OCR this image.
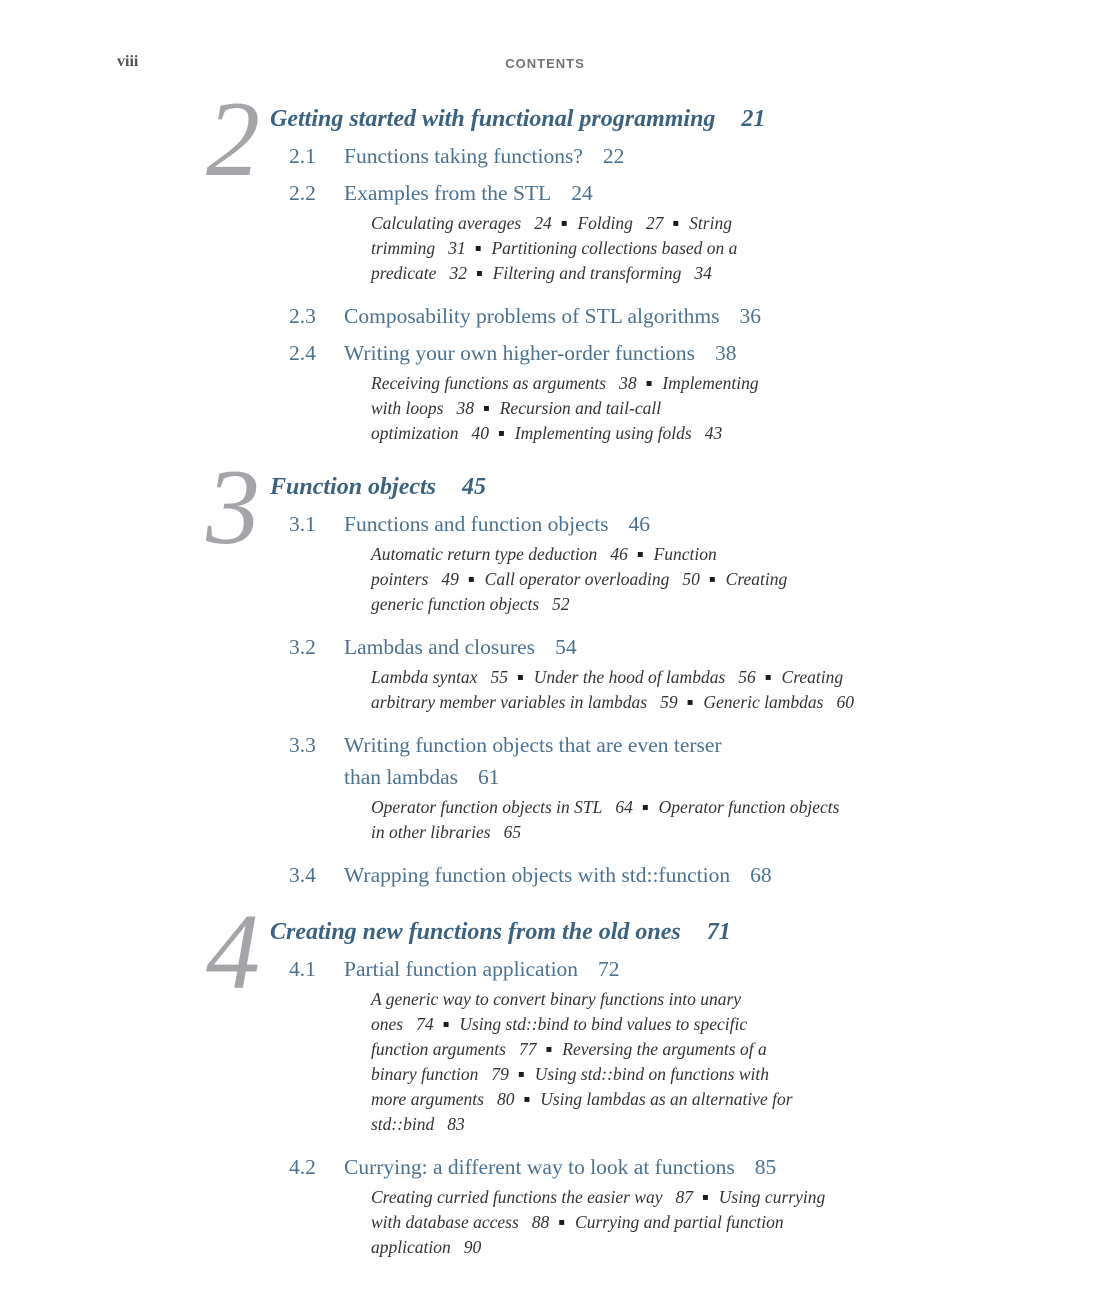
viii	CONTENTS
2 Getting started with functional programming 21
2.1	Functions taking functions? 22
2.2	Examples from the STL 24
Calculating averages 24 ▪ Folding 27 ▪ String
trimming 31 ▪ Partitioning collections based on a
predicate 32 ▪ Filtering and transforming 34
2.3	Composability problems of STL algorithms 36
2.4	Writing your own higher-order functions 38
Receiving functions as arguments 38 ▪ Implementing
with loops 38 ▪ Recursion and tail-call
optimization 40 ▪ Implementing using folds 43
3 Function objects 45
3.1	Functions and function objects 46
Automatic return type deduction 46 ▪ Function
pointers 49 ▪ Call operator overloading 50 ▪ Creating
generic function objects 52
3.2	Lambdas and closures 54
Lambda syntax 55 ▪ Under the hood of lambdas 56 ▪ Creating
arbitrary member variables in lambdas 59 ▪ Generic lambdas 60
3.3	Writing function objects that are even terser
than lambdas 61
Operator function objects in STL 64 ▪ Operator function objects
in other libraries 65
3.4	Wrapping function objects with std::function 68
4 Creating new functions from the old ones 71
4.1	Partial function application 72
A generic way to convert binary functions into unary
ones 74 ▪ Using std::bind to bind values to specific
function arguments 77 ▪ Reversing the arguments of a
binary function 79 ▪ Using std::bind on functions with
more arguments 80 ▪ Using lambdas as an alternative for
std::bind 83
4.2	Currying: a different way to look at functions 85
Creating curried functions the easier way 87 ▪ Using currying
with database access 88 ▪ Currying and partial function
application 90
